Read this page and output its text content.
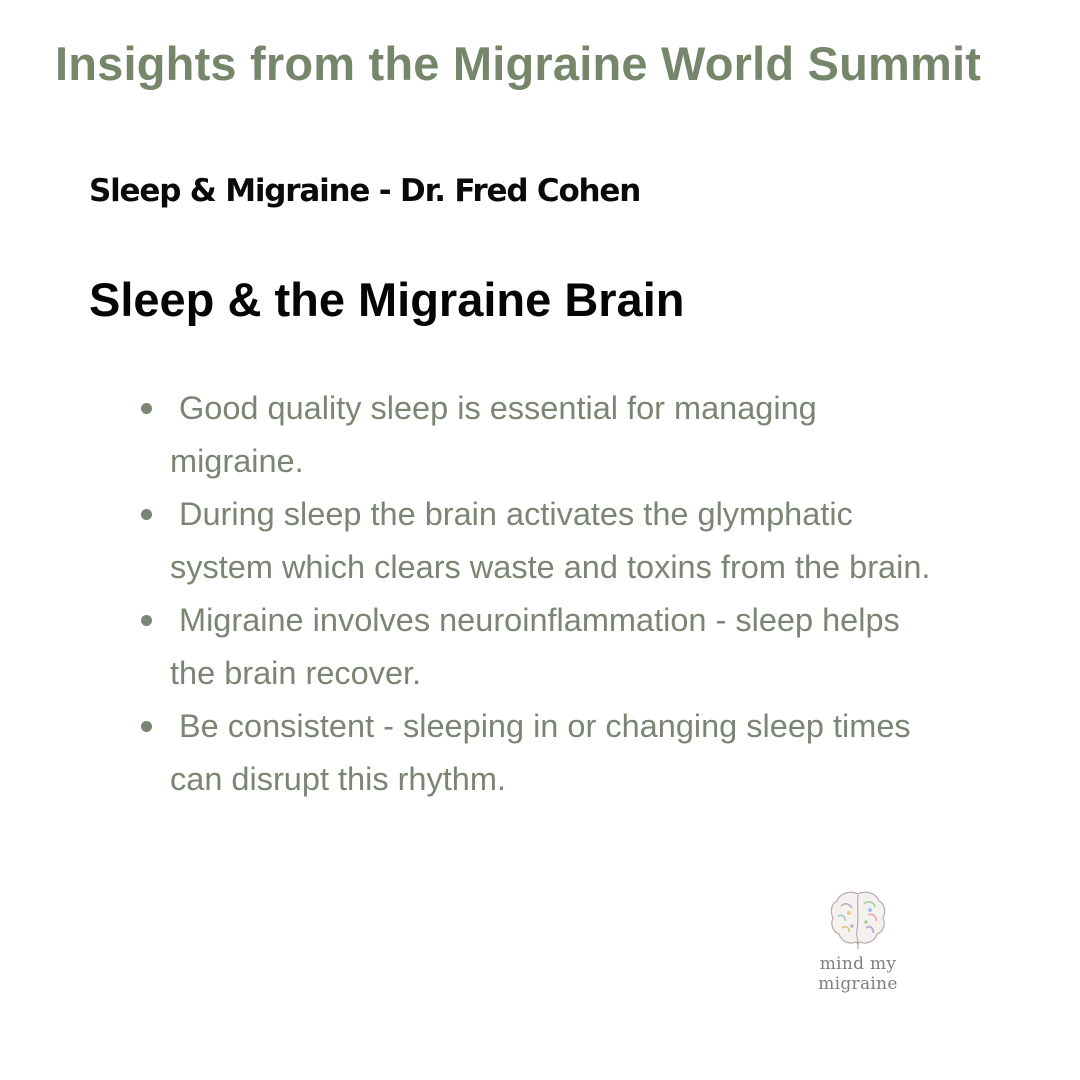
Insights from the Migraine World Summit
Sleep & Migraine - Dr. Fred Cohen
Sleep & the Migraine Brain
Good quality sleep is essential for managing migraine.
During sleep the brain activates the glymphatic system which clears waste and toxins from the brain.
Migraine involves neuroinflammation - sleep helps the brain recover.
Be consistent - sleeping in or changing sleep times can disrupt this rhythm.
mind my
migraine
